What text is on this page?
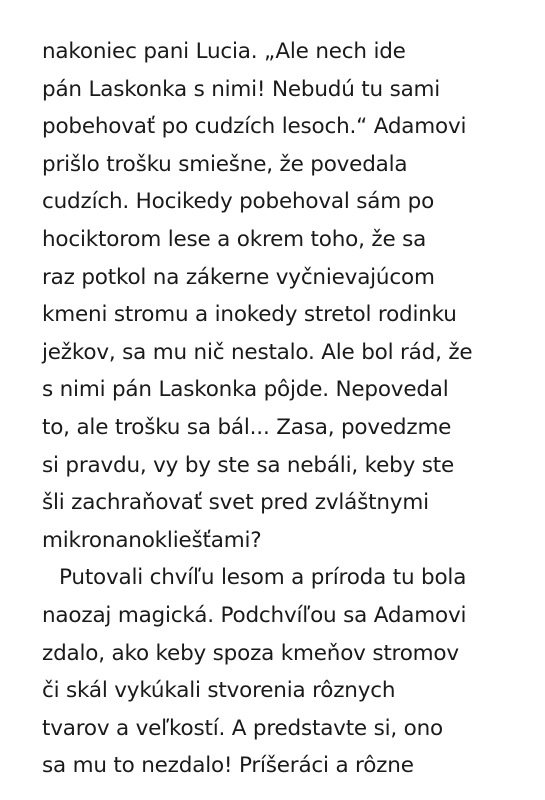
nakoniec pani Lucia. „Ale nech ide
pán Laskonka s nimi! Nebudú tu sami
pobehovať po cudzích lesoch.“ Adamovi
prišlo trošku smiešne, že povedala
cudzích. Hocikedy pobehoval sám po
hociktorom lese a okrem toho, že sa
raz potkol na zákerne vyčnievajúcom
kmeni stromu a inokedy stretol rodinku
ježkov, sa mu nič nestalo. Ale bol rád, že
s nimi pán Laskonka pôjde. Nepovedal
to, ale trošku sa bál... Zasa, povedzme
si pravdu, vy by ste sa nebáli, keby ste
šli zachraňovať svet pred zvláštnymi
mikronanokliešťami?
Putovali chvíľu lesom a príroda tu bola
naozaj magická. Podchvíľou sa Adamovi
zdalo, ako keby spoza kmeňov stromov
či skál vykúkali stvorenia rôznych
tvarov a veľkostí. A predstavte si, ono
sa mu to nezdalo! Príšeráci a rôzne
